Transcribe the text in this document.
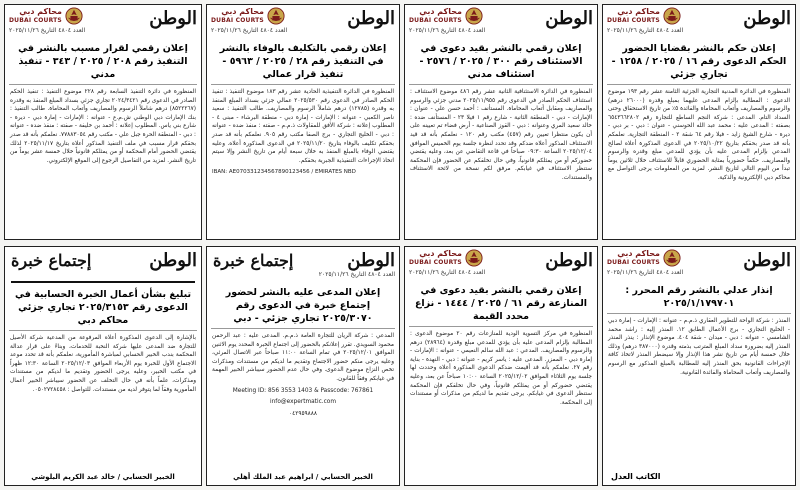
الوطن
محاكم دبي
DUBAI COURTS
العدد ٤٨٠٤ التاريخ ٢٠٢٥/١١/٢٦
إعلان حكم بالنشر بقضايا الحضور الحكم الدعوى رقم ١٦ / ٢٠٢٥ / ١٢٥٨ - تجاري جزئي
المنظورة في الدائرة المدنية التجارية الجزئية الثامنة عشر رقم ١٩٣ موضوع الدعوى : المطالبة بإلزام المدعى عليهما بمبلغ وقدره (٢٦٠٠٠ درهم) والرسوم والمصاريف وأتعاب المحاماة والفائدة ٥٪ من تاريخ الاستحقاق وحتى السداد التام. المدعى : شركة النجم الساطع للتجارة رقم ٦٥٤٣٦٦٢٨٠٢ بصفته : المدعى عليه : محمد عبد الله الحوسني - عنوان : دبي - بر دبي - ديرة - شارع الشيخ زايد - فيلا رقم ٦٤ شقة ٢ - المنطقة التجارية. نعلمكم بأنه قد صدر بحقكم بتاريخ ٢٠٢٥/١٠/٢٢ في الدعوى المذكورة أعلاه لصالح المدعي بإلزام المدعى عليه بأن يؤدي للمدعي مبلغ وقدره والرسوم والمصاريف. حكماً حضورياً بمثابة الحضوري قابلاً للاستئناف خلال ثلاثين يوماً تبدأ من اليوم التالي لتاريخ النشر. لمزيد من المعلومات يرجى التواصل مع محاكم دبي الإلكترونية والذكية.
الوطن
محاكم دبي
DUBAI COURTS
العدد ٤٨٠٤ التاريخ ٢٠٢٥/١١/٢٦
إعلان رقمي بالنشر بقيد دعوى في الاستئناف رقم ٣٠٠ / ٢٠٢٥ / ٢٥٧٦ - استئناف مدني
المنظورة في الدائرة الاستئنافية الثانية عشر رقم ٤٨٦ موضوع الاستئناف : استئناف الحكم الصادر في الدعوى رقم ٢٠٢٥/١١/٩٥٥ مدني جزئي والرسوم والمصاريف ومقابل أتعاب المحاماة. المستأنف : أحمد حسن علي - عنوان : الإمارات - دبي - المنطقة الثانية - شارع رقم ١ فيلا ٢٣ - المستأنف ضده : خالد سعيد المري وعنوانه : دبي - القوز الصناعية - أرض فضاء تم تعيينه على أن يكون منتظرا تعيين رقم (٤٥٧) مكتب رقم ١٢٠ - نعلمكم بأنه قد قيد الاستئناف المذكور أعلاه ضدكم وقد تحدد لنظره جلسة يوم الخميس الموافق ٢٠٢٥/١٢/٠٤ الساعة ٠٩:٣٠ صباحاً في قاعة التقاضي عن بعد، وعليه يقتضي حضوركم أو من يمثلكم قانونياً، وفي حال تخلفكم عن الحضور فإن المحكمة ستنظر الاستئناف في غيابكم. مرفق لكم نسخة من لائحة الاستئناف والمستندات.
الوطن
محاكم دبي
DUBAI COURTS
العدد ٤٨٠٤ التاريخ ٢٠٢٥/١١/٢٦
إعلان رقمي بالتكليف بالوفاء بالنشر في التنفيذ رقم ٢٨ / ٢٠٢٥ / ٥٩٦٣ - تنفيذ قرار عمالي
المنظورة في الدائرة التنفيذية الحادية عشر رقم ١٨٣ موضوع التنفيذ : تنفيذ الحكم الصادر في الدعوى رقم ٢٠٢٥/٥٣٠ عمالي جزئي بسداد المبلغ المنفذ به وقدره (١٢٧٨٥) درهم شاملاً الرسوم والمصاريف. طالب التنفيذ : سعيد ناصر الكعبي - عنوانه : الإمارات - إمارة دبي - منطقة البرشاء - مبنى ٤ - المطلوب إعلانه : شركة الأفق للمقاولات ذ.م.م - صفته : منفذ ضده - عنوانه : دبي - الخليج التجاري - برج الصفا مكتب رقم ٩٠٥. نعلمكم بأنه قد صدر بحقكم تكليف بالوفاء بتاريخ ٢٠٢٥/١١/٢٠ في الدعوى المذكورة أعلاه. وعليه يقتضي الوفاء بالمبلغ المنفذ به خلال سبعة أيام من تاريخ النشر وإلا سيتم اتخاذ الإجراءات التنفيذية الجبرية بحقكم.
IBAN: AE070331234567890123456 / EMIRATES NBD
الوطن
محاكم دبي
DUBAI COURTS
العدد ٤٨٠٤ التاريخ ٢٠٢٥/١١/٢٦
إعلان رقمي لقرار مسبب بالنشر في التنفيذ رقم ٢٠٨ / ٢٠٢٥ / ٣٤٣ - تنفيذ مدني
المنظورة في دائرة التنفيذ السابعة رقم ٢٢٨ موضوع التنفيذ : تنفيذ الحكم الصادر في الدعوى رقم ٢٠٢٤/٣٤٢١ تجاري جزئي بسداد المبلغ المنفذ به وقدره (٨٥٢٢٢٦٧) درهم شاملاً الرسوم والمصاريف وأتعاب المحاماة. طالب التنفيذ : بنك الإمارات دبي الوطني ش.م.ع - عنوانه : الإمارات - إمارة دبي - ديرة - شارع بني ياس. المطلوب إعلانه : أحمد بن خليفة - صفته : منفذ ضده - عنوانه : دبي - المنطقة الحرة جبل علي - مكتب رقم ٧٧٨٨٣٠٥٤. نعلمكم بأنه قد صدر بحقكم قرار مسبب في ملف التنفيذ المذكور أعلاه بتاريخ ٢٠٢٥/١١/١٧ لذلك يقتضي الحضور أمام المحكمة أو من يمثلكم قانونياً خلال خمسة عشر يوماً من تاريخ النشر. لمزيد من التفاصيل الرجوع إلى الموقع الإلكتروني.
الوطن
محاكم دبي
DUBAI COURTS
العدد ٤٨٠٤ التاريخ ٢٠٢٥/١١/٢٦
إنذار عدلي بالنشر رقم المحرر : ٢٠٢٥/١/١٧٩٧٠١
المنذر : شركة الواحة للتطوير العقاري ذ.م.م - عنوانه : الإمارات - إمارة دبي - الخليج التجاري - برج الأعمال الطابق ١٢. المنذر إليه : راشد محمد الشامسي - عنوانه : دبي - ميدان - شقة ٤٠٤. موضوع الإنذار : ينذر المنذر المنذر إليه بضرورة سداد المبلغ المترتب بذمته وقدره (٣٨٧٠٠٠ درهم) وذلك خلال خمسة أيام من تاريخ نشر هذا الإنذار وإلا سيضطر المنذر لاتخاذ كافة الإجراءات القانونية بحق المنذر إليه للمطالبة بالمبلغ المذكور مع الرسوم والمصاريف وأتعاب المحاماة والفائدة القانونية.
الكاتب العدل
الوطن
محاكم دبي
DUBAI COURTS
العدد ٤٨٠٤ التاريخ ٢٠٢٥/١١/٢٦
إعلان رقمي بالنشر بقيد دعوى في المنازعة رقم ٦١ / ٢٠٢٥ / ١٤٤٤ - نزاع محدد القيمة
المنظورة في مركز التسوية الودية للمنازعات رقم ٢٠ موضوع الدعوى : المطالبة بإلزام المدعى عليه بأن يؤدي للمدعي مبلغ وقدره (٢٨٩٦٤) درهم والرسوم والمصاريف. المدعي : عبد الله سالم النعيمي - عنوانه : الإمارات - إمارة دبي - الممزر. المدعى عليه : ياسر كريم - عنوانه : دبي - النهدة - بناية رقم ٢٧. نعلمكم بأنه قد أقيمت ضدكم الدعوى المذكورة أعلاه وحددت لها جلسة يوم الثلاثاء الموافق ٢٠٢٥/١٢/٠٢ الساعة ١٠:٠٠ صباحاً عن بعد، وعليه يقتضي حضوركم أو من يمثلكم قانونياً، وفي حال تخلفكم فإن المحكمة ستنظر الدعوى في غيابكم. يرجى تقديم ما لديكم من مذكرات أو مستندات إلى المحكمة.
الوطن
إجتماع خبرة
العدد ٤٨٠٤ التاريخ ٢٠٢٥/١١/٢٦
إعلان المدعى عليه بالنشر لحضور إجتماع خبرة في الدعوى رقم ٢٠٢٥/٣٠٧٠ تجاري جزئي - دبي
المدعي : شركة الريان للتجارة العامة ذ.م.م. المدعى عليه : عبد الرحمن محمود السويدي. تقرر إعلانكم بالحضور إلى اجتماع الخبرة المحدد يوم الاثنين الموافق ٢٠٢٥/١٢/٠١ في تمام الساعة ١١:٠٠ صباحاً عبر الاتصال المرئي، وعليه يرجى منكم حضور الاجتماع وتقديم ما لديكم من مستندات ومذكرات تخص النزاع موضوع الدعوى. وفي حال عدم الحضور سيباشر الخبير المهمة في غيابكم وفقاً للقانون.
Meeting ID: 856 3553 1403 & Passcode: 767861
info@expertmatic.com
٠٤٢٩٥٩٨٨٨
الخبير الحسابي / ابراهيم عبد الملك أهلي
الوطن
إجتماع خبرة
تبليغ بشأن أعمال الخبرة الحسابية في الدعوى رقم ٢٠٢٥/٣١٥٣ تجاري جزئي محاكم دبي
بالإشارة إلى الدعوى المذكورة أعلاه المرفوعة من المدعية شركة الأصيل للتجارة ضد المدعى عليها شركة النخبة للخدمات، وبناءً على قرار عدالة المحكمة بندب الخبير الحسابي لمباشرة المأمورية، نعلمكم بأنه قد تحدد موعد الاجتماع الأول للخبرة يوم الأربعاء الموافق ٢٠٢٥/١٢/٠٣ الساعة ١٢:٣٠ ظهراً في مكتب الخبير، وعليه يرجى الحضور وتقديم ما لديكم من مستندات ومذكرات، علماً بأنه في حال التخلف عن الحضور سيباشر الخبير أعمال المأمورية وفقاً لما يتوفر لديه من مستندات. للتواصل : ٠٥٠٢٧٢٨٤٥٨.
الخبير الحسابي / خالد عبد الكريم البلوشي
